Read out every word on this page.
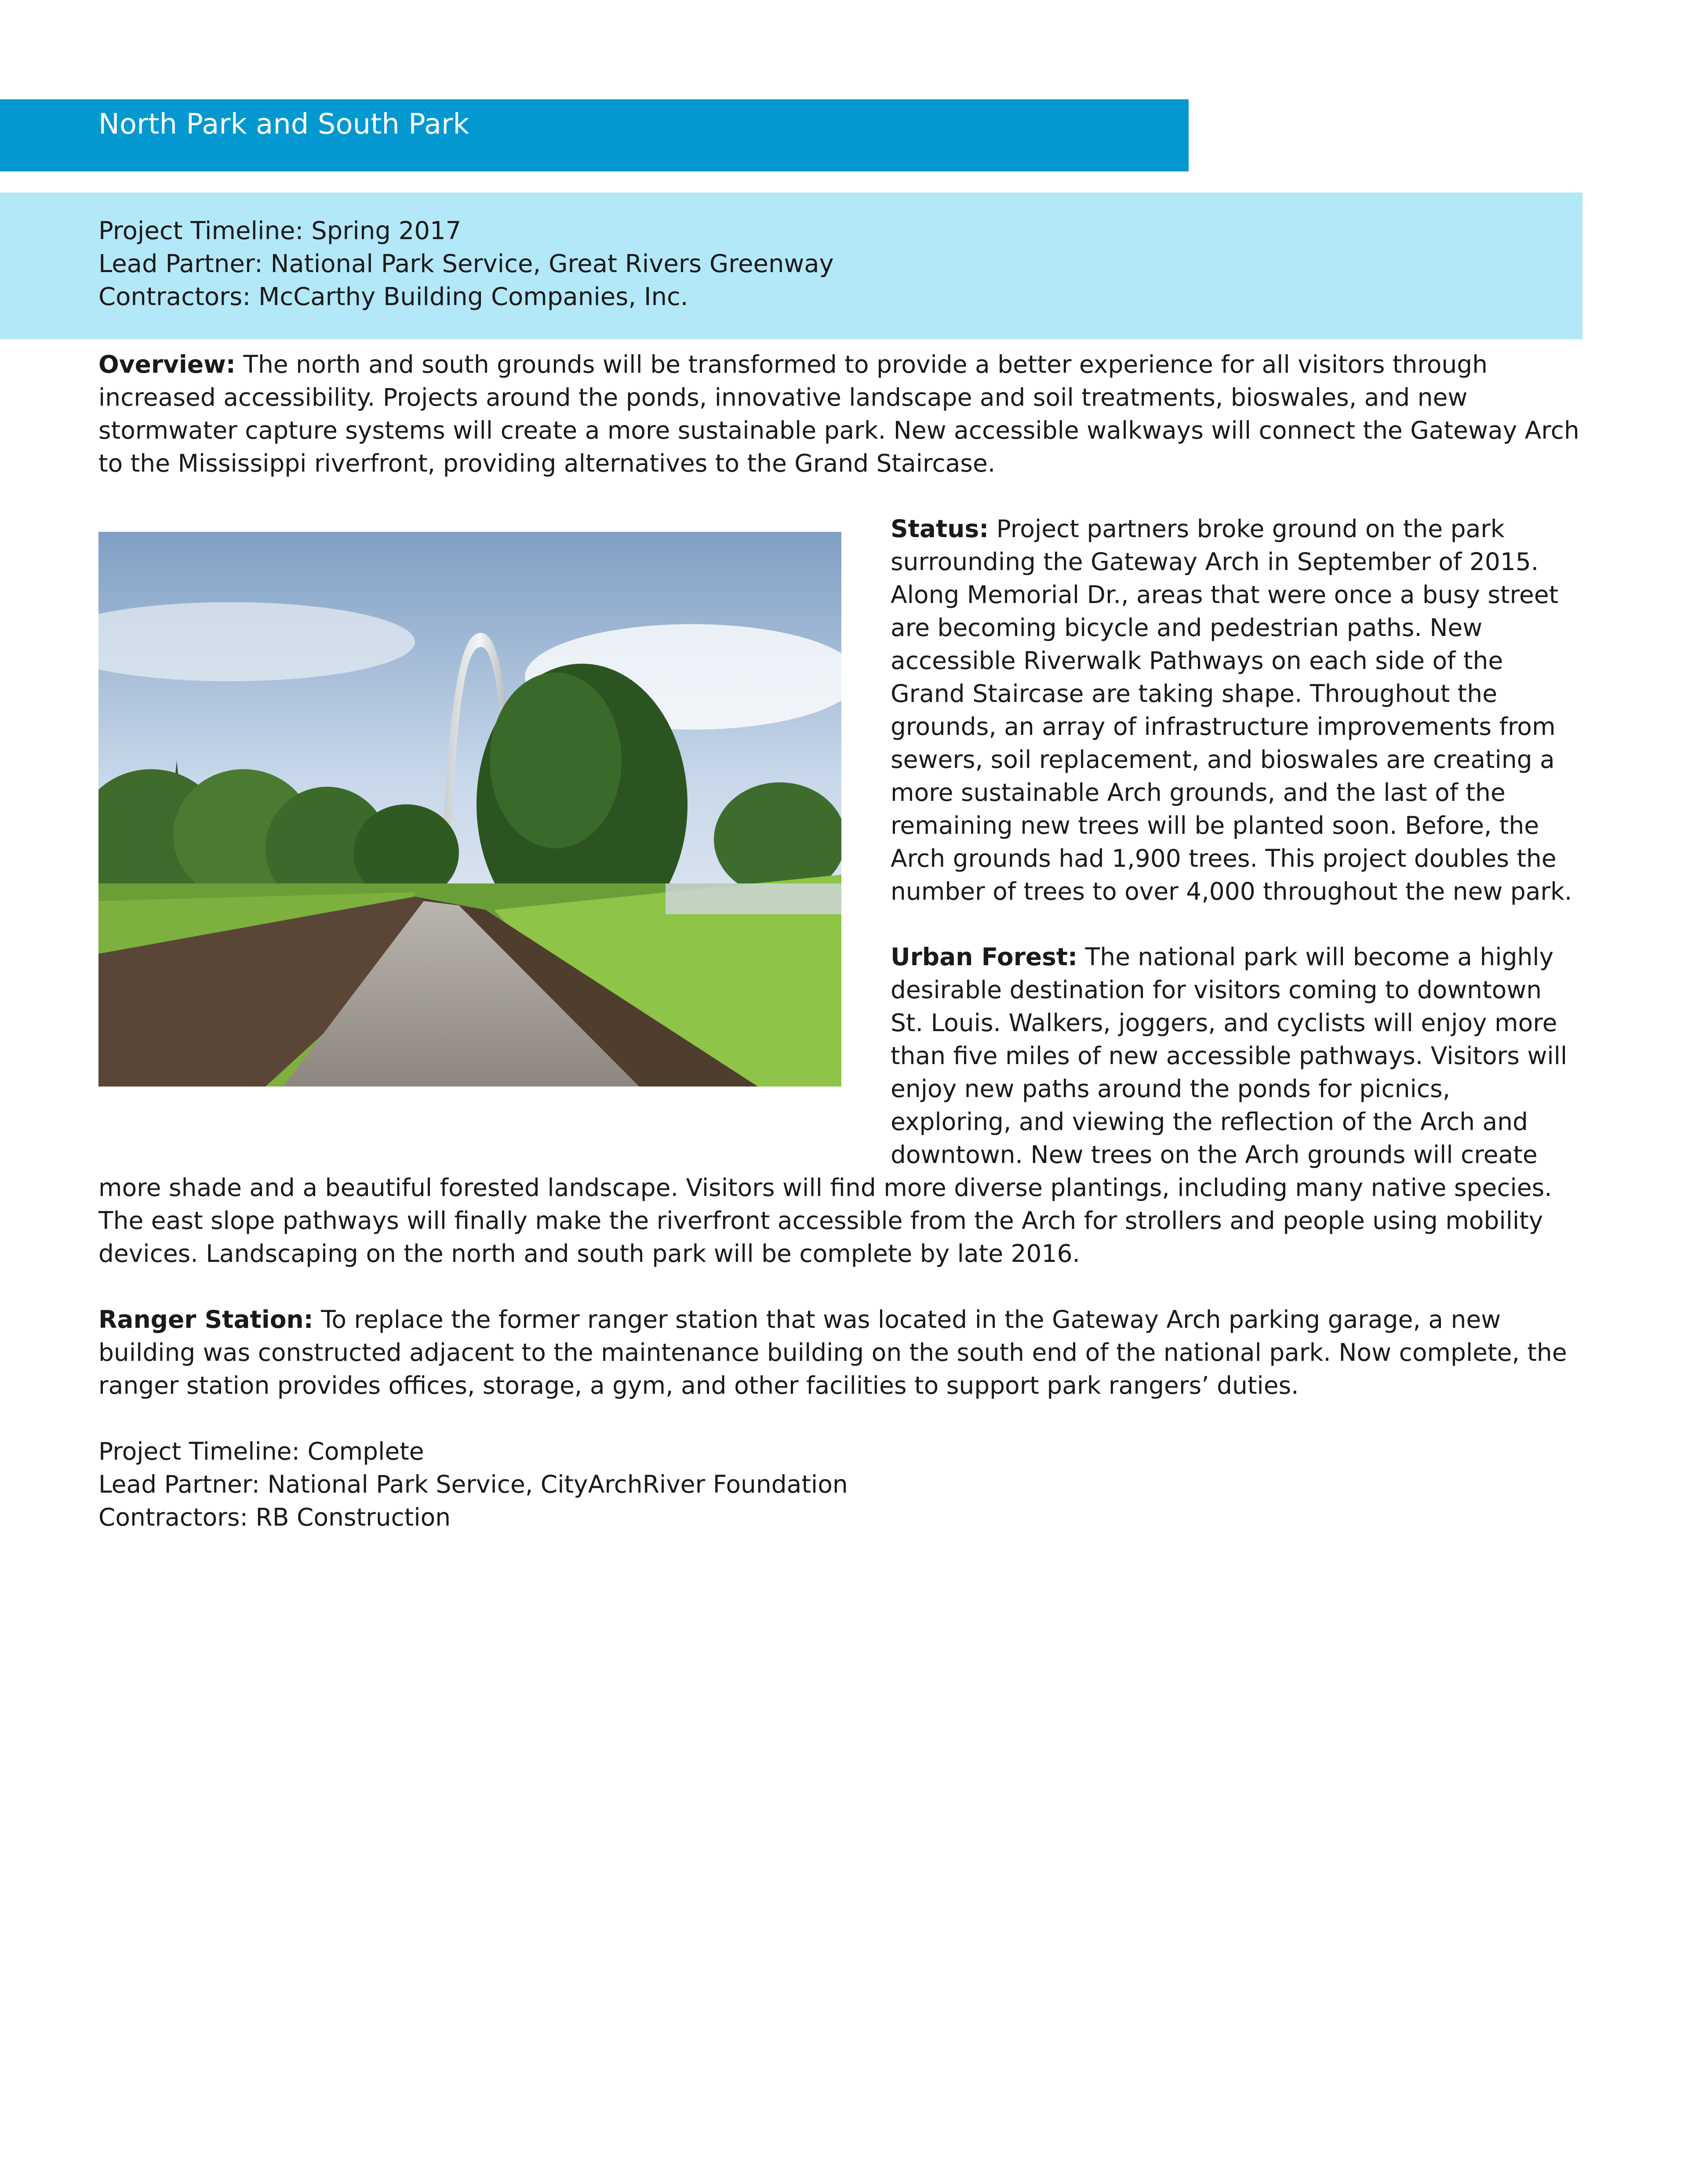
North Park and South Park
Project Timeline: Spring 2017
Lead Partner: National Park Service, Great Rivers Greenway
Contractors: McCarthy Building Companies, Inc.

Overview: The north and south grounds will be transformed to provide a better experience for all visitors through increased accessibility. Projects around the ponds, innovative landscape and soil treatments, bioswales, and new stormwater capture systems will create a more sustainable park. New accessible walkways will connect the Gateway Arch to the Mississippi riverfront, providing alternatives to the Grand Staircase.

Status: Project partners broke ground on the park surrounding the Gateway Arch in September of 2015. Along Memorial Dr., areas that were once a busy street are becoming bicycle and pedestrian paths. New accessible Riverwalk Pathways on each side of the Grand Staircase are taking shape. Throughout the grounds, an array of infrastructure improvements from sewers, soil replacement, and bioswales are creating a more sustainable Arch grounds, and the last of the remaining new trees will be planted soon. Before, the Arch grounds had 1,900 trees. This project doubles the number of trees to over 4,000 throughout the new park.
Urban Forest: The national park will become a highly desirable destination for visitors coming to downtown St. Louis. Walkers, joggers, and cyclists will enjoy more than five miles of new accessible pathways. Visitors will enjoy new paths around the ponds for picnics, exploring, and viewing the reflection of the Arch and downtown. New trees on the Arch grounds will create
more shade and a beautiful forested landscape. Visitors will find more diverse plantings, including many native species. The east slope pathways will finally make the riverfront accessible from the Arch for strollers and people using mobility devices. Landscaping on the north and south park will be complete by late 2016.
Ranger Station: To replace the former ranger station that was located in the Gateway Arch parking garage, a new building was constructed adjacent to the maintenance building on the south end of the national park. Now complete, the ranger station provides offices, storage, a gym, and other facilities to support park rangers’ duties.
Project Timeline: Complete
Lead Partner: National Park Service, CityArchRiver Foundation
Contractors: RB Construction
